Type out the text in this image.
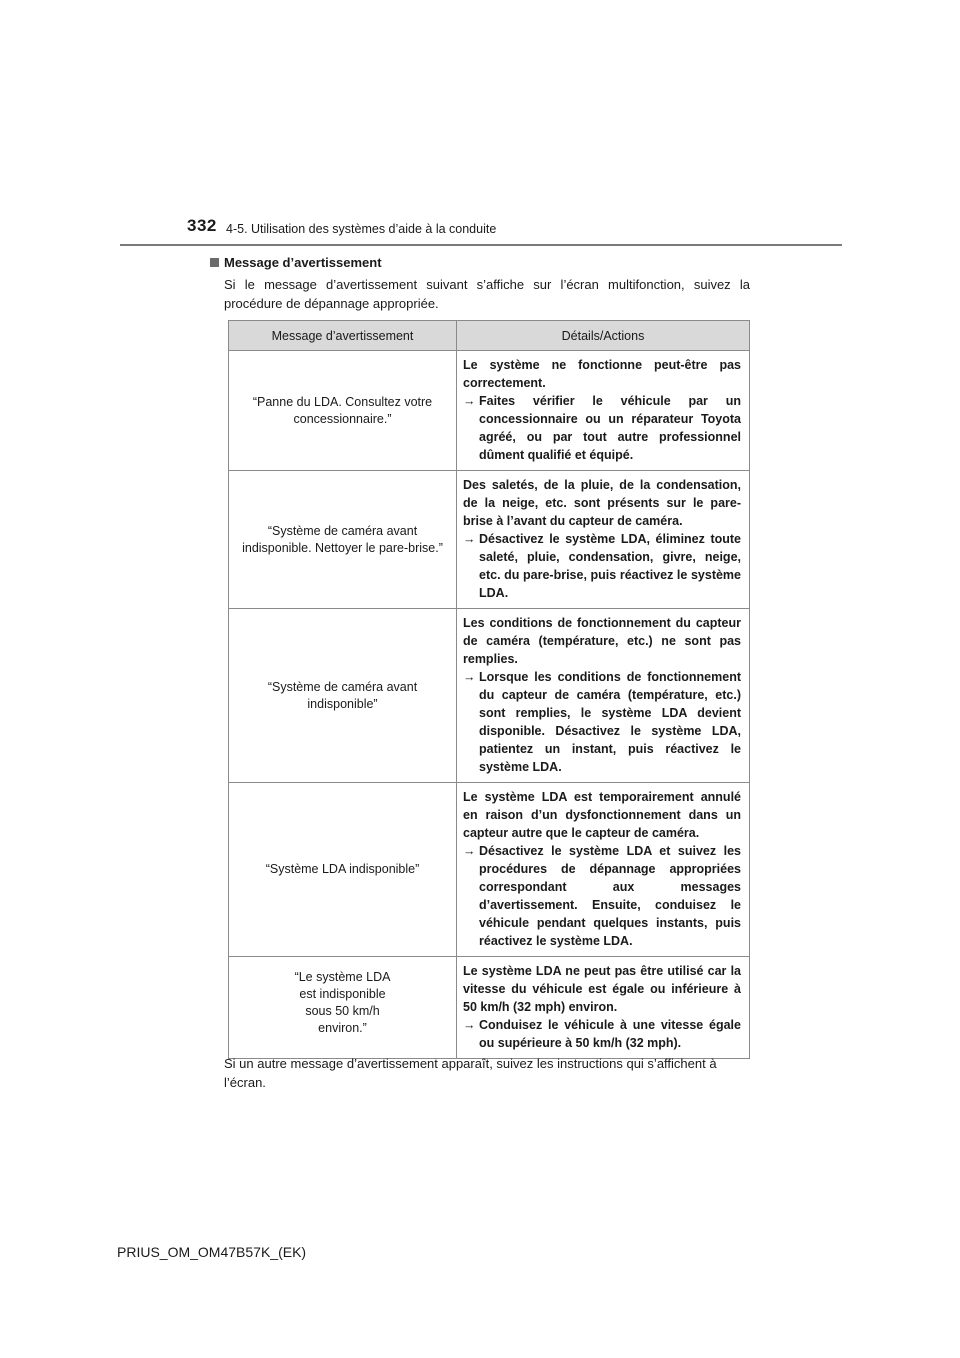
332 4-5. Utilisation des systèmes d’aide à la conduite
Message d’avertissement
Si le message d’avertissement suivant s’affiche sur l’écran multifonction, suivez la procédure de dépannage appropriée.
Message d’avertissement	Détails/Actions
“Panne du LDA. Consultez votre concessionnaire.”	Le système ne fonctionne peut-être pas correctement.
→ Faites vérifier le véhicule par un concessionnaire ou un réparateur Toyota agréé, ou par tout autre professionnel dûment qualifié et équipé.

“Système de caméra avant indisponible. Nettoyer le pare-brise.”	Des saletés, de la pluie, de la condensation, de la neige, etc. sont présents sur le pare-brise à l’avant du capteur de caméra.
→ Désactivez le système LDA, éliminez toute saleté, pluie, condensation, givre, neige, etc. du pare-brise, puis réactivez le système LDA.

“Système de caméra avant indisponible”	Les conditions de fonctionnement du capteur de caméra (température, etc.) ne sont pas remplies.
→ Lorsque les conditions de fonctionnement du capteur de caméra (température, etc.) sont remplies, le système LDA devient disponible. Désactivez le système LDA, patientez un instant, puis réactivez le système LDA.

“Système LDA indisponible”	Le système LDA est temporairement annulé en raison d’un dysfonctionnement dans un capteur autre que le capteur de caméra.
→ Désactivez le système LDA et suivez les procédures de dépannage appropriées correspondant aux messages d’avertissement. Ensuite, conduisez le véhicule pendant quelques instants, puis réactivez le système LDA.

“Le système LDA
est indisponible
sous 50 km/h
environ.”	Le système LDA ne peut pas être utilisé car la vitesse du véhicule est égale ou inférieure à 50 km/h (32 mph) environ.
→ Conduisez le véhicule à une vitesse égale ou supérieure à 50 km/h (32 mph).
Si un autre message d’avertissement apparaît, suivez les instructions qui s’affichent à l’écran.
PRIUS_OM_OM47B57K_(EK)
